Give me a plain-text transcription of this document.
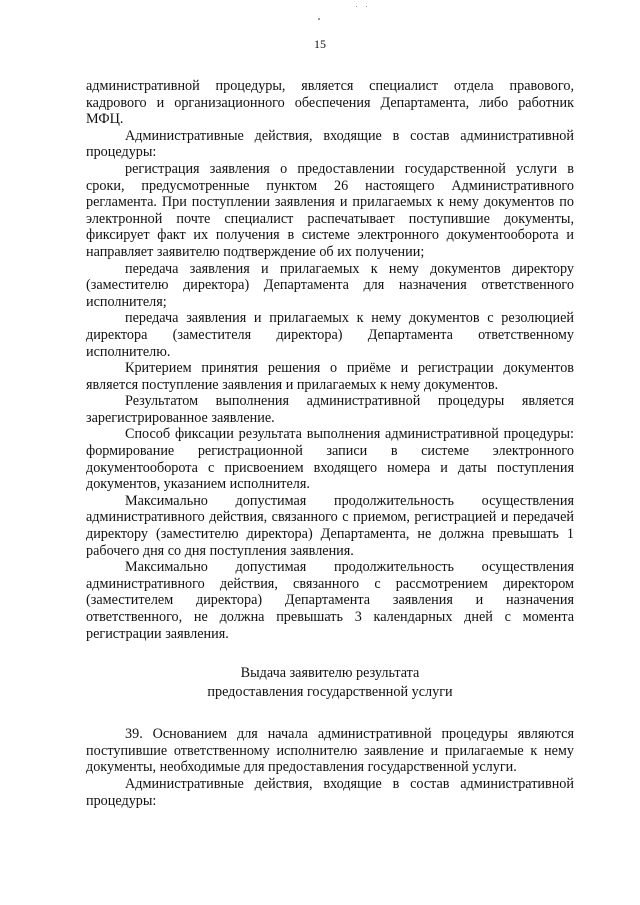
15

административной процедуры, является специалист отдела правового, кадрового и организационного обеспечения Департамента, либо работник МФЦ.

Административные действия, входящие в состав административной процедуры:

регистрация заявления о предоставлении государственной услуги в сроки, предусмотренные пунктом 26 настоящего Административного регламента. При поступлении заявления и прилагаемых к нему документов по электронной почте специалист распечатывает поступившие документы, фиксирует факт их получения в системе электронного документооборота и направляет заявителю подтверждение об их получении;

передача заявления и прилагаемых к нему документов директору (заместителю директора) Департамента для назначения ответственного исполнителя;

передача заявления и прилагаемых к нему документов с резолюцией директора (заместителя директора) Департамента ответственному исполнителю.

Критерием принятия решения о приёме и регистрации документов является поступление заявления и прилагаемых к нему документов.

Результатом выполнения административной процедуры является зарегистрированное заявление.

Способ фиксации результата выполнения административной процедуры: формирование регистрационной записи в системе электронного документооборота с присвоением входящего номера и даты поступления документов, указанием исполнителя.

Максимально допустимая продолжительность осуществления административного действия, связанного с приемом, регистрацией и передачей директору (заместителю директора) Департамента, не должна превышать 1 рабочего дня со дня поступления заявления.

Максимально допустимая продолжительность осуществления административного действия, связанного с рассмотрением директором (заместителем директора) Департамента заявления и назначения ответственного, не должна превышать 3 календарных дней с момента регистрации заявления.

Выдача заявителю результата
предоставления государственной услуги

39. Основанием для начала административной процедуры являются поступившие ответственному исполнителю заявление и прилагаемые к нему документы, необходимые для предоставления государственной услуги.

Административные действия, входящие в состав административной процедуры:
